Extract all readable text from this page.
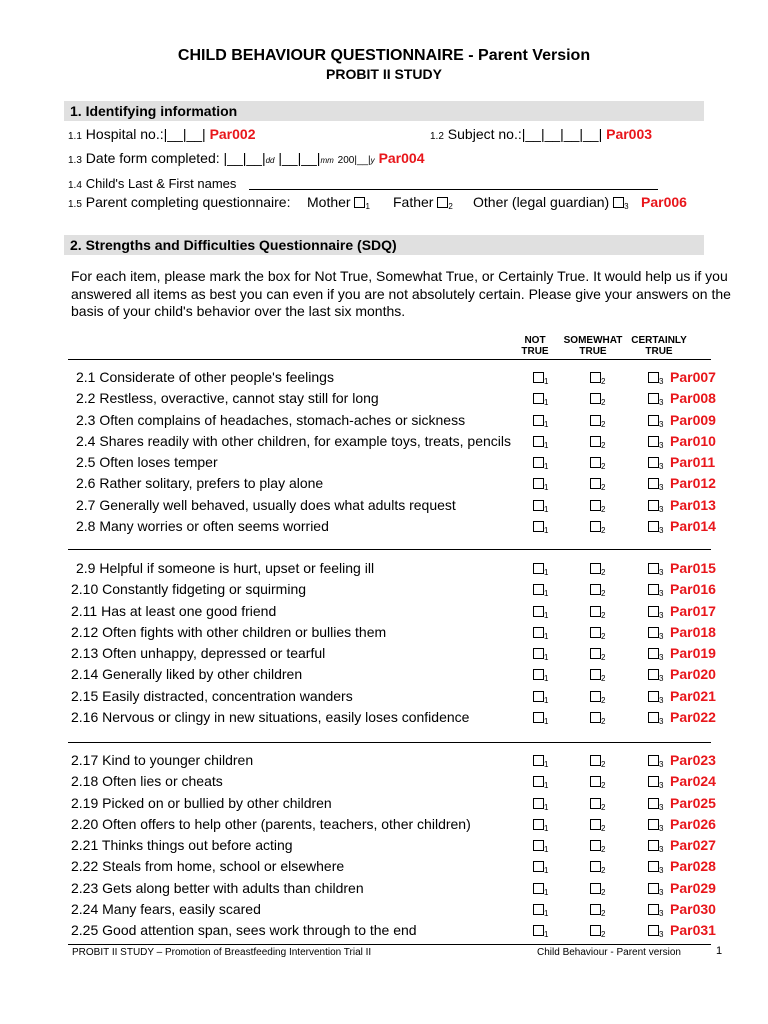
CHILD BEHAVIOUR QUESTIONNAIRE - Parent Version
PROBIT II STUDY
1. Identifying information
1.1 Hospital no.:|__|__| Par002	1.2 Subject no.:|__|__|__|__| Par003
1.3 Date form completed: |__|__|dd |__|__|mm 200|__|y Par004
1.4 Child's Last & First names
1.5 Parent completing questionnaire: Mother 1 Father 2 Other (legal guardian) 3 Par006
2. Strengths and Difficulties Questionnaire (SDQ)
For each item, please mark the box for Not True, Somewhat True, or Certainly True. It would help us if you answered all items as best you can even if you are not absolutely certain. Please give your answers on the basis of your child's behavior over the last six months.
NOT
TRUE
SOMEWHAT
TRUE
CERTAINLY
TRUE
2.1 Considerate of other people's feelings	1	2	3 Par007
2.2 Restless, overactive, cannot stay still for long	1	2	3 Par008
2.3 Often complains of headaches, stomach-aches or sickness	1	2	3 Par009
2.4 Shares readily with other children, for example toys, treats, pencils	1	2	3 Par010
2.5 Often loses temper	1	2	3 Par011
2.6 Rather solitary, prefers to play alone	1	2	3 Par012
2.7 Generally well behaved, usually does what adults request	1	2	3 Par013
2.8 Many worries or often seems worried	1	2	3 Par014
2.9 Helpful if someone is hurt, upset or feeling ill	1	2	3 Par015
2.10 Constantly fidgeting or squirming	1	2	3 Par016
2.11 Has at least one good friend	1	2	3 Par017
2.12 Often fights with other children or bullies them	1	2	3 Par018
2.13 Often unhappy, depressed or tearful	1	2	3 Par019
2.14 Generally liked by other children	1	2	3 Par020
2.15 Easily distracted, concentration wanders	1	2	3 Par021
2.16 Nervous or clingy in new situations, easily loses confidence	1	2	3 Par022
2.17 Kind to younger children	1	2	3 Par023
2.18 Often lies or cheats	1	2	3 Par024
2.19 Picked on or bullied by other children	1	2	3 Par025
2.20 Often offers to help other (parents, teachers, other children)	1	2	3 Par026
2.21 Thinks things out before acting	1	2	3 Par027
2.22 Steals from home, school or elsewhere	1	2	3 Par028
2.23 Gets along better with adults than children	1	2	3 Par029
2.24 Many fears, easily scared	1	2	3 Par030
2.25 Good attention span, sees work through to the end	1	2	3 Par031
PROBIT II STUDY – Promotion of Breastfeeding Intervention Trial II	Child Behaviour - Parent version	1
